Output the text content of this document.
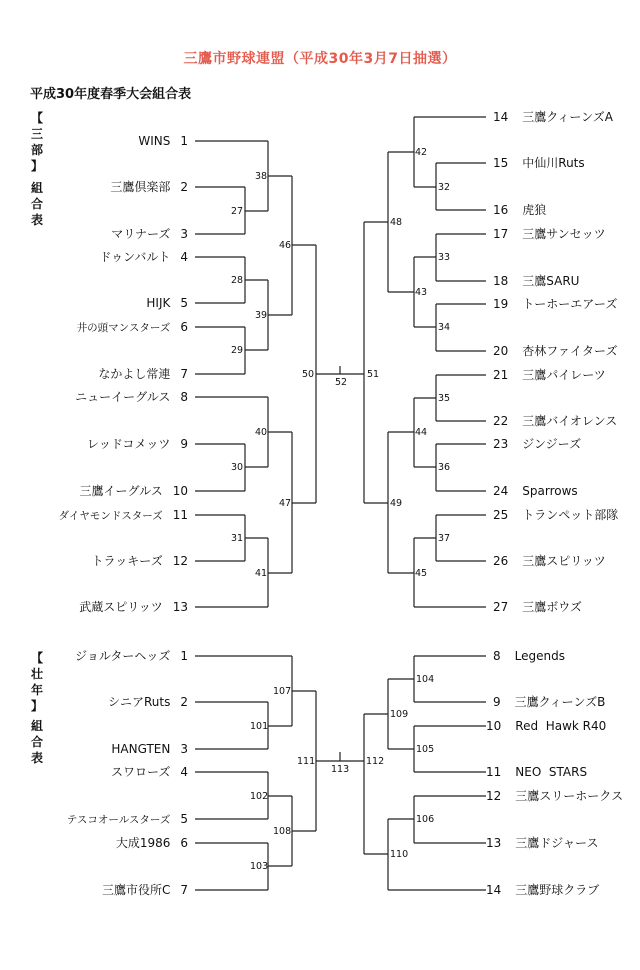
三鷹市野球連盟（平成30年3月7日抽選）
平成30年度春季大会組合表
【
三
部
】
組
合
表
【
壮
年
】
組
合
表
WINS 1
三鷹倶楽部 2
マリナーズ 3
ドゥンバルト 4
HIJK 5
井の頭マンスターズ 6
なかよし常連 7
ニューイーグルス 8
レッドコメッツ 9
三鷹イーグルス 10
ダイヤモンドスターズ 11
トラッキーズ 12
武蔵スピリッツ 13
14 三鷹クィーンズA
15 中仙川Ruts
16 虎狼
17 三鷹サンセッツ
18 三鷹SARU
19 トーホーエアーズ
20 杏林ファイターズ
21 三鷹パイレーツ
22 三鷹バイオレンス
23 ジンジーズ
24 Sparrows
25 トランペット部隊
26 三鷹スピリッツ
27 三鷹ボウズ
38
27
46
28
39
29
50
52
51
40
30
47
31
41
42
32
48
33
43
34
35
44
36
49
37
45
ジョルターヘッズ 1
シニアRuts 2
HANGTEN 3
スワローズ 4
テスコオールスターズ 5
大成1986 6
三鷹市役所C 7
8 Legends
9 三鷹クィーンズB
10 Red  Hawk R40
11 NEO  STARS
12 三鷹スリーホークス
13 三鷹ドジャース
14 三鷹野球クラブ
107
101
111
113
112
102
108
103
104
109
105
106
110
